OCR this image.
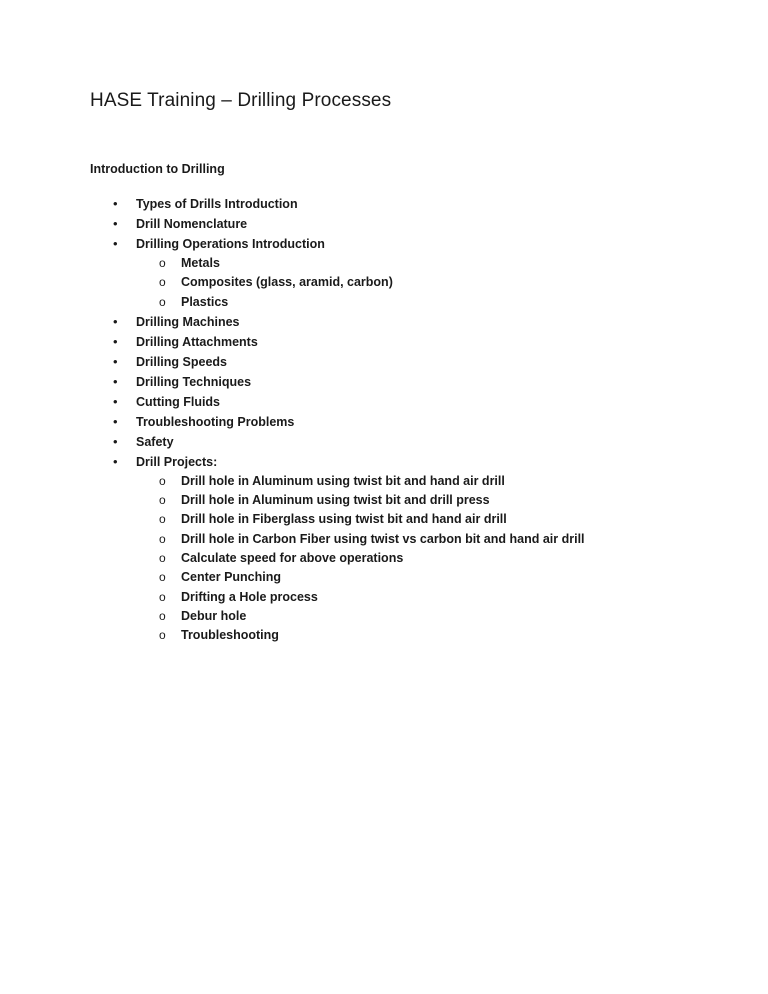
HASE Training – Drilling Processes
Introduction to Drilling
• Types of Drills Introduction
• Drill Nomenclature
• Drilling Operations Introduction
o Metals
o Composites (glass, aramid, carbon)
o Plastics
• Drilling Machines
• Drilling Attachments
• Drilling Speeds
• Drilling Techniques
• Cutting Fluids
• Troubleshooting Problems
• Safety
• Drill Projects:
o Drill hole in Aluminum using twist bit and hand air drill
o Drill hole in Aluminum using twist bit and drill press
o Drill hole in Fiberglass using twist bit and hand air drill
o Drill hole in Carbon Fiber using twist vs carbon bit and hand air drill
o Calculate speed for above operations
o Center Punching
o Drifting a Hole process
o Debur hole
o Troubleshooting
